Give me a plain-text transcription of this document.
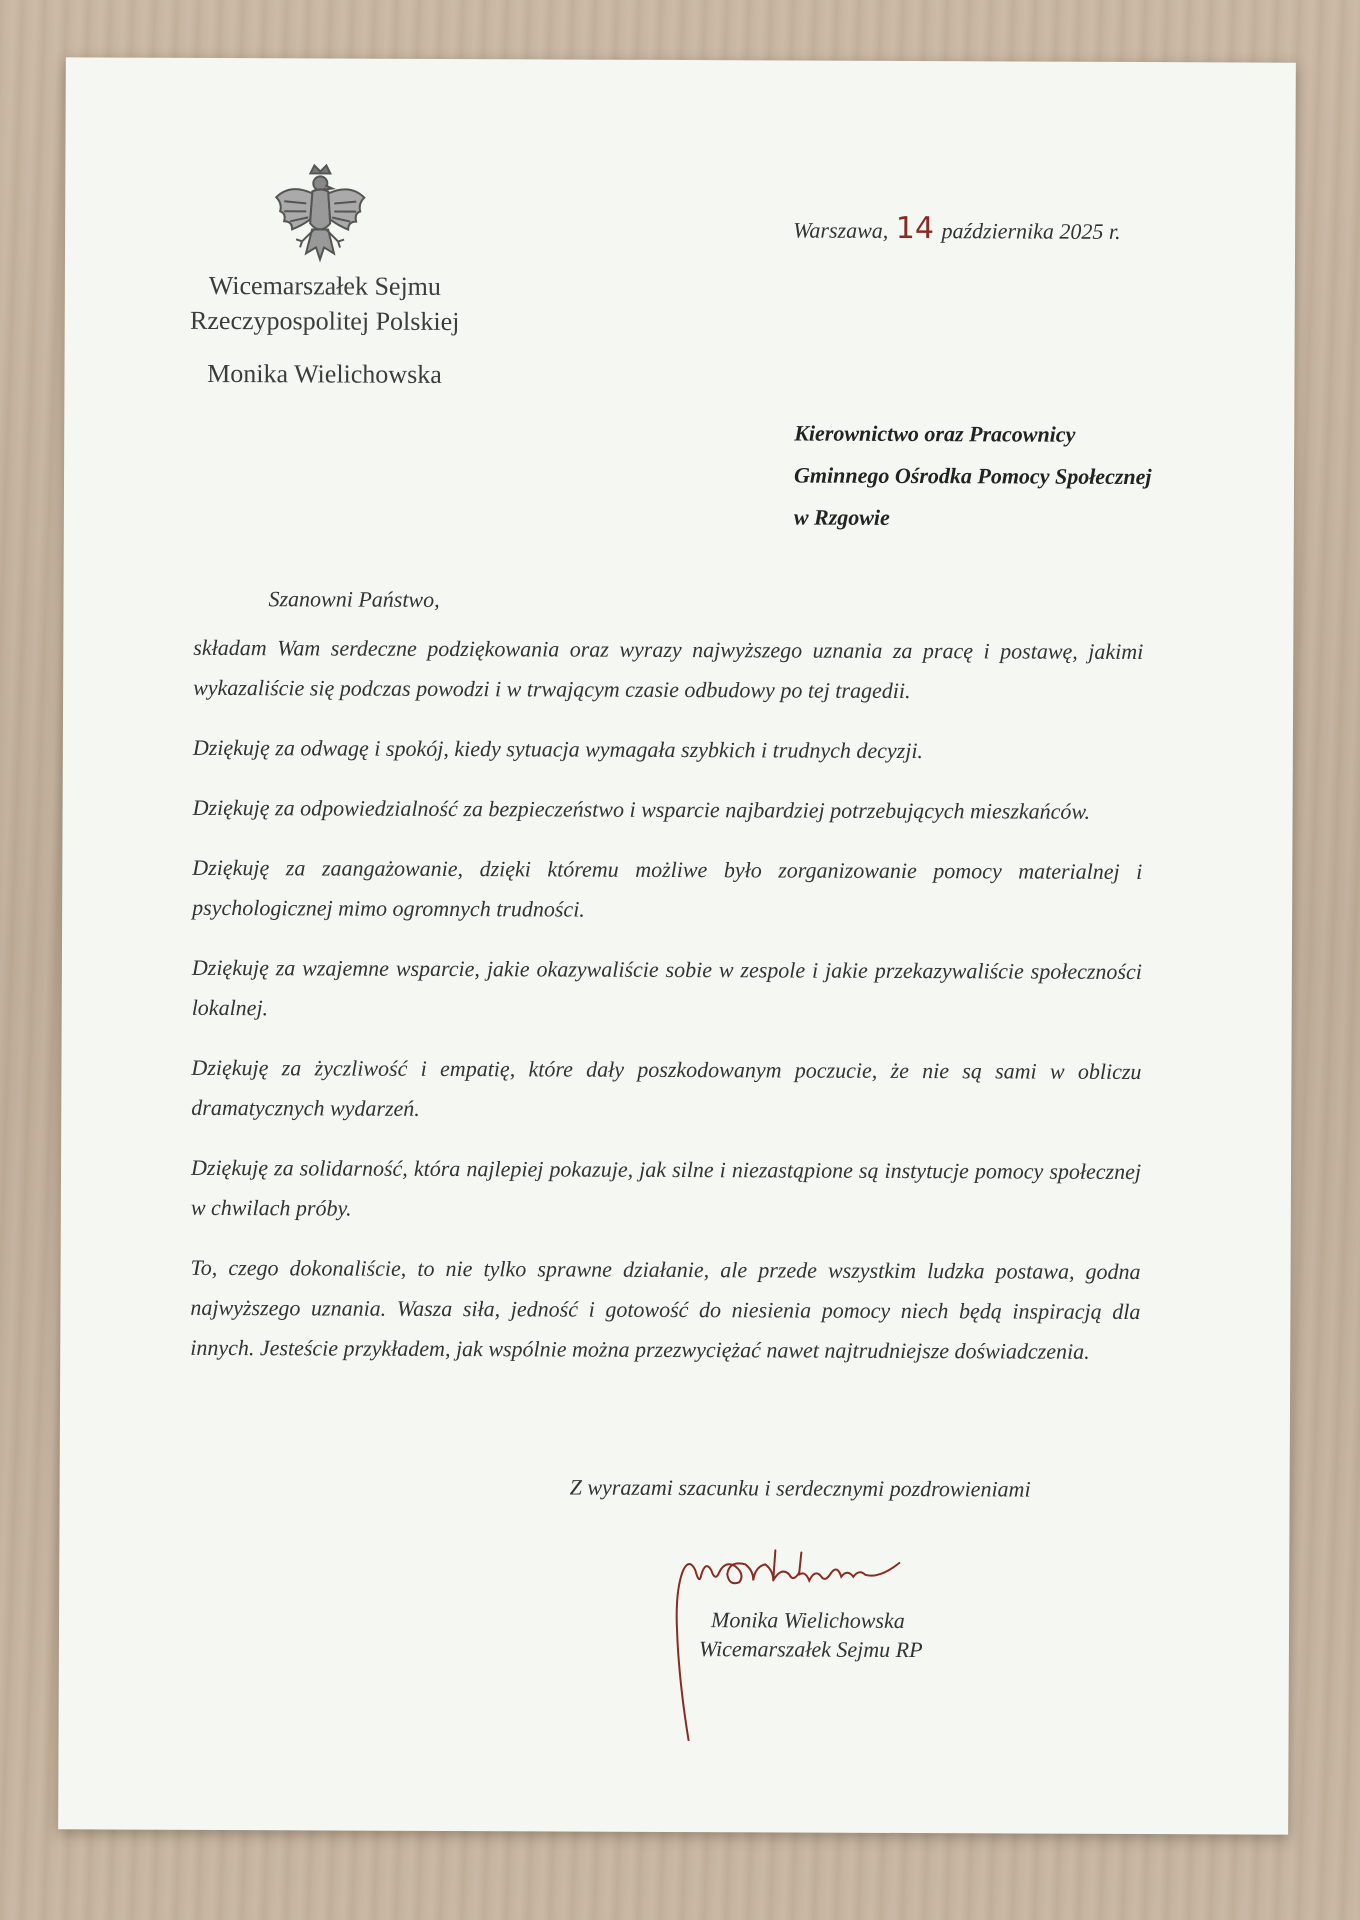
Wicemarszałek Sejmu
Rzeczypospolitej Polskiej
Monika Wielichowska
Warszawa, 14 października 2025 r.
Kierownictwo oraz Pracownicy
Gminnego Ośrodka Pomocy Społecznej
w Rzgowie
Szanowni Państwo,

składam Wam serdeczne podziękowania oraz wyrazy najwyższego uznania za pracę i postawę, jakimi wykazaliście się podczas powodzi i w trwającym czasie odbudowy po tej tragedii.

Dziękuję za odwagę i spokój, kiedy sytuacja wymagała szybkich i trudnych decyzji.

Dziękuję za odpowiedzialność za bezpieczeństwo i wsparcie najbardziej potrzebujących mieszkańców.

Dziękuję za zaangażowanie, dzięki któremu możliwe było zorganizowanie pomocy materialnej i psychologicznej mimo ogromnych trudności.

Dziękuję za wzajemne wsparcie, jakie okazywaliście sobie w zespole i jakie przekazywaliście społeczności lokalnej.

Dziękuję za życzliwość i empatię, które dały poszkodowanym poczucie, że nie są sami w obliczu dramatycznych wydarzeń.

Dziękuję za solidarność, która najlepiej pokazuje, jak silne i niezastąpione są instytucje pomocy społecznej w chwilach próby.

To, czego dokonaliście, to nie tylko sprawne działanie, ale przede wszystkim ludzka postawa, godna najwyższego uznania. Wasza siła, jedność i gotowość do niesienia pomocy niech będą inspiracją dla innych. Jesteście przykładem, jak wspólnie można przezwyciężać nawet najtrudniejsze doświadczenia.

Z wyrazami szacunku i serdecznymi pozdrowieniami
Monika Wielichowska
Wicemarszałek Sejmu RP
